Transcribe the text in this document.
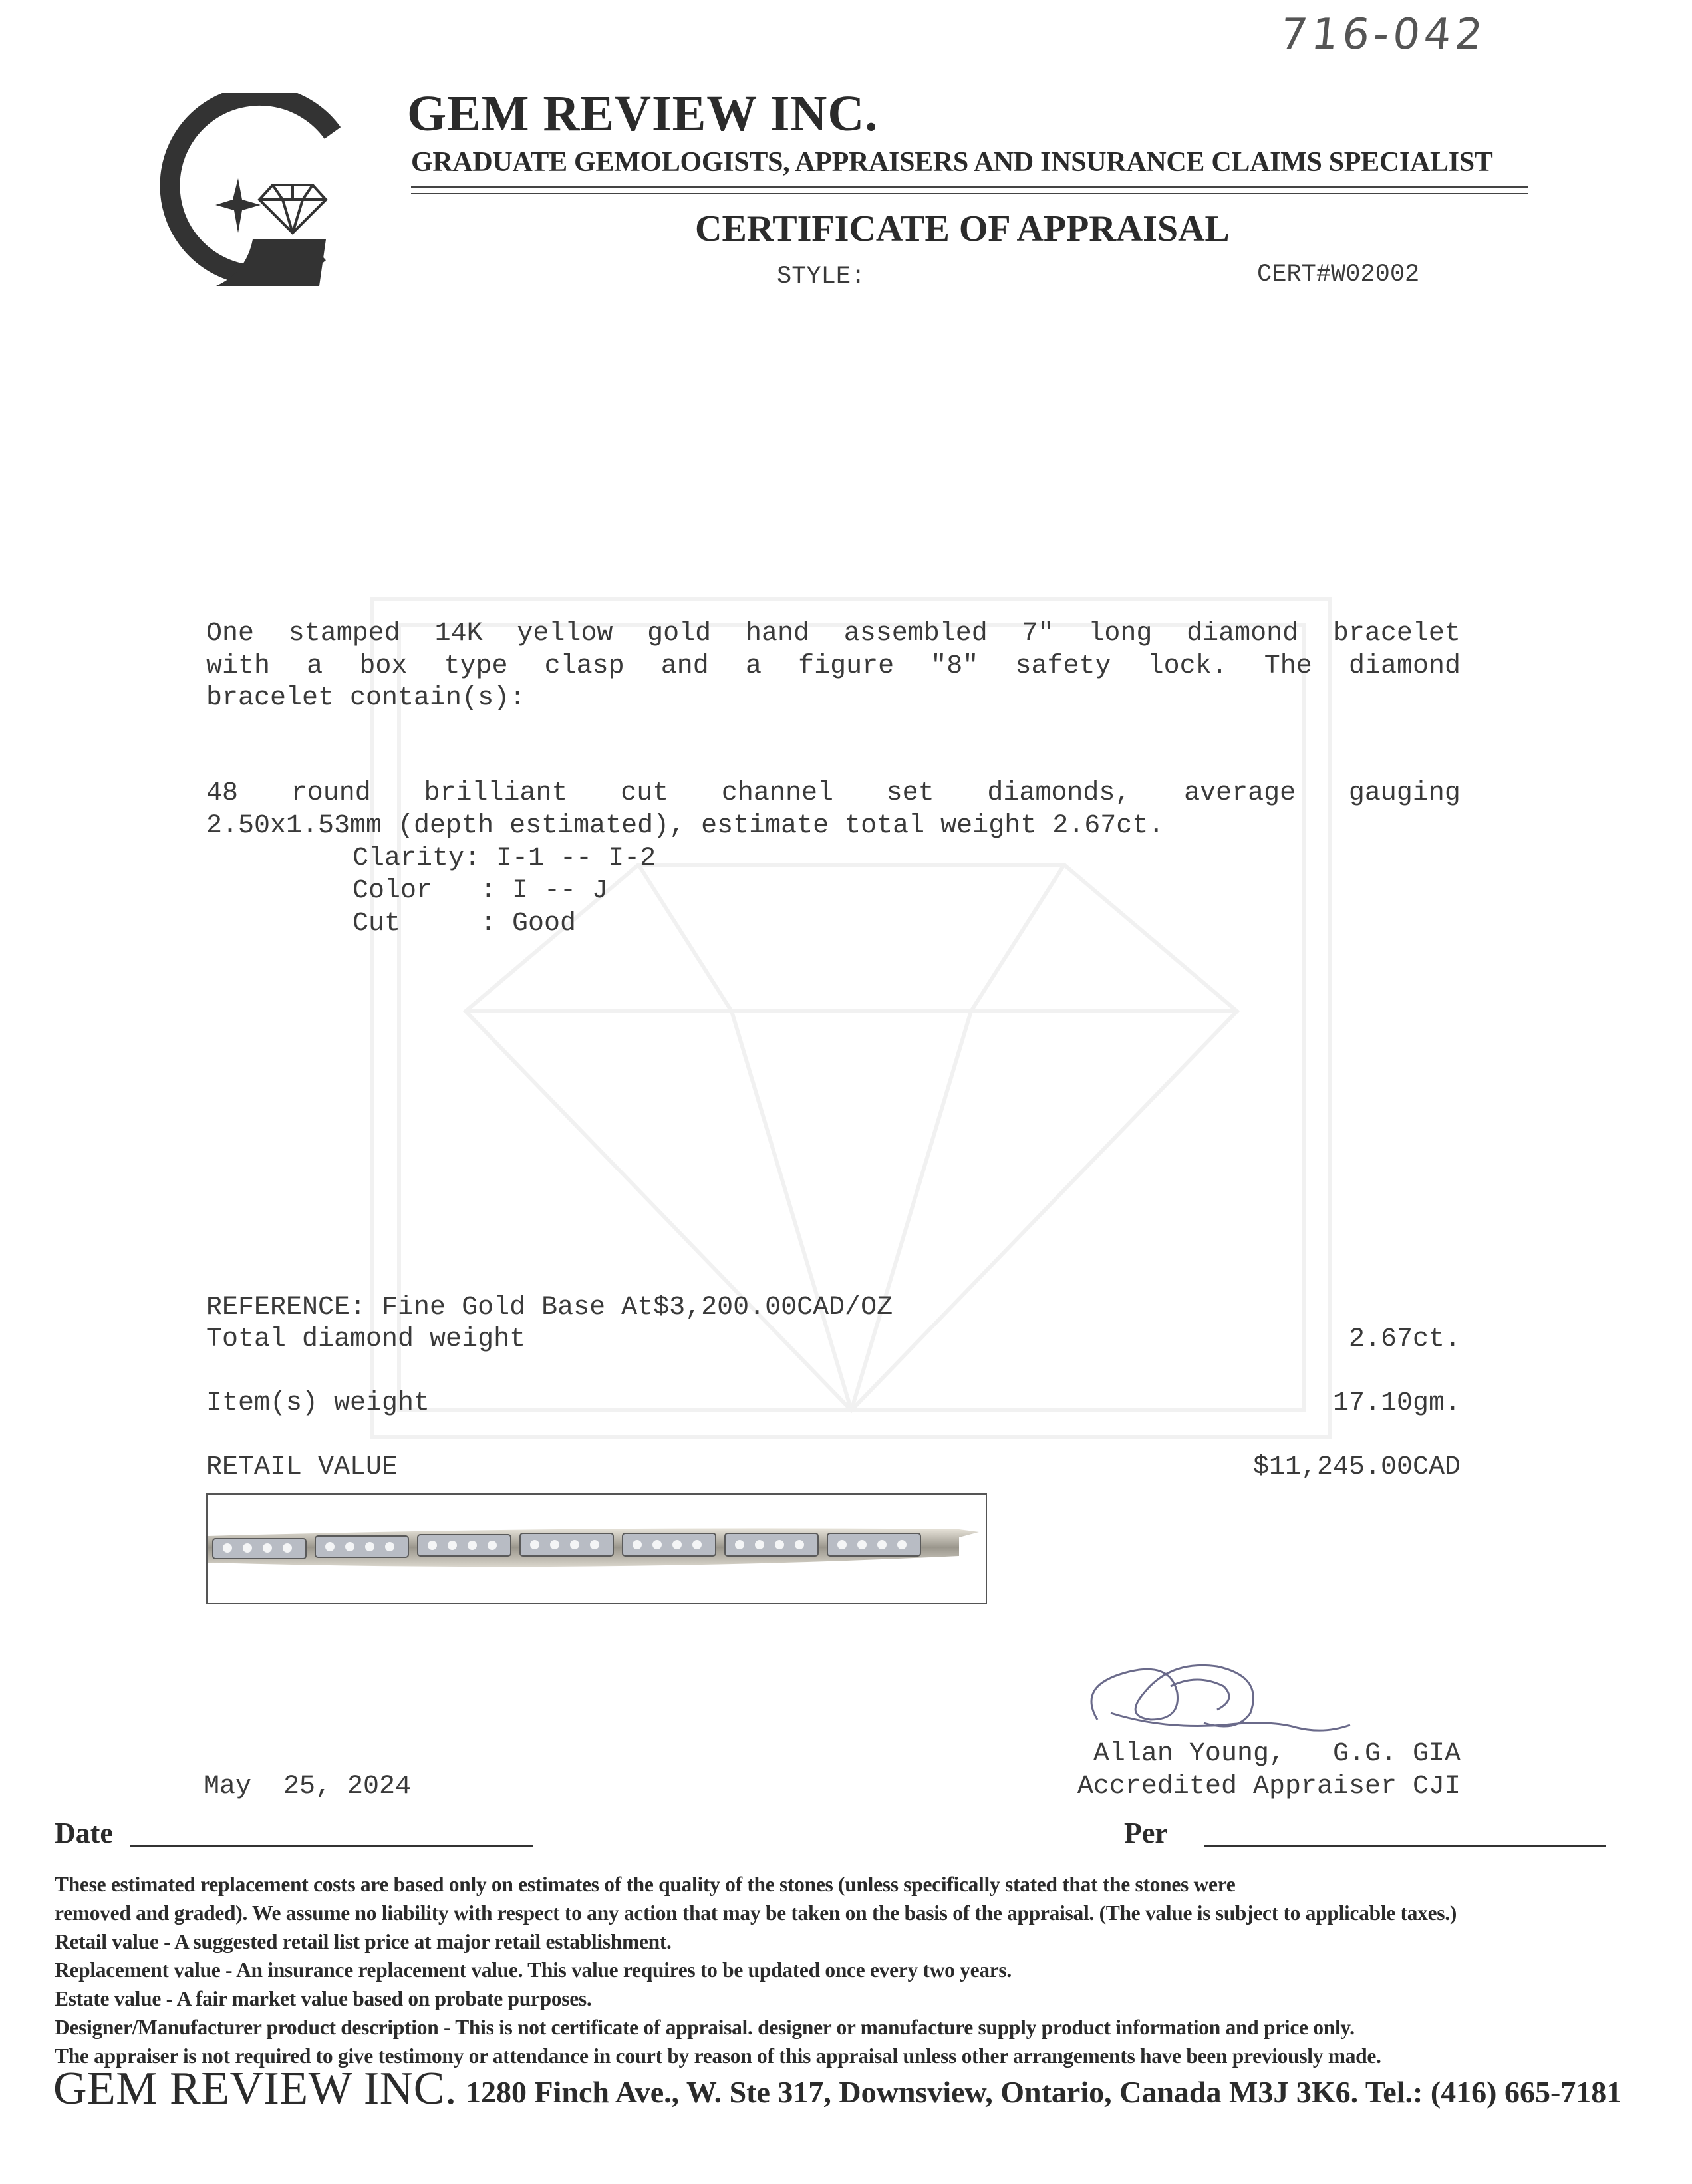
716-042
GEM REVIEW INC.
GRADUATE GEMOLOGISTS, APPRAISERS AND INSURANCE CLAIMS SPECIALIST
CERTIFICATE OF APPRAISAL
STYLE:	CERT#W02002
One stamped 14K yellow gold hand assembled 7" long diamond bracelet
with a box type clasp and a figure "8" safety lock. The diamond
bracelet contain(s):
48 round brilliant cut channel set diamonds, average gauging
2.50x1.53mm (depth estimated), estimate total weight 2.67ct.
Clarity: I-1 -- I-2
Color   : I -- J
Cut     : Good
REFERENCE: Fine Gold Base At$3,200.00CAD/OZ
Total diamond weight	2.67ct.
Item(s) weight	17.10gm.
RETAIL VALUE	$11,245.00CAD
May  25, 2024
Allan Young,   G.G. GIA
Accredited Appraiser CJI
Date	Per
These estimated replacement costs are based only on estimates of the quality of the stones (unless specifically stated that the stones were
removed and graded). We assume no liability with respect to any action that may be taken on the basis of the appraisal. (The value is subject to applicable taxes.)
Retail value - A suggested retail list price at major retail establishment.
Replacement value - An insurance replacement value. This value requires to be updated once every two years.
Estate value - A fair market value based on probate purposes.
Designer/Manufacturer product description - This is not certificate of appraisal. designer or manufacture supply product information and price only.
The appraiser is not required to give testimony or attendance in court by reason of this appraisal unless other arrangements have been previously made.
GEM REVIEW INC. 1280 Finch Ave., W. Ste 317, Downsview, Ontario, Canada M3J 3K6. Tel.: (416) 665-7181
